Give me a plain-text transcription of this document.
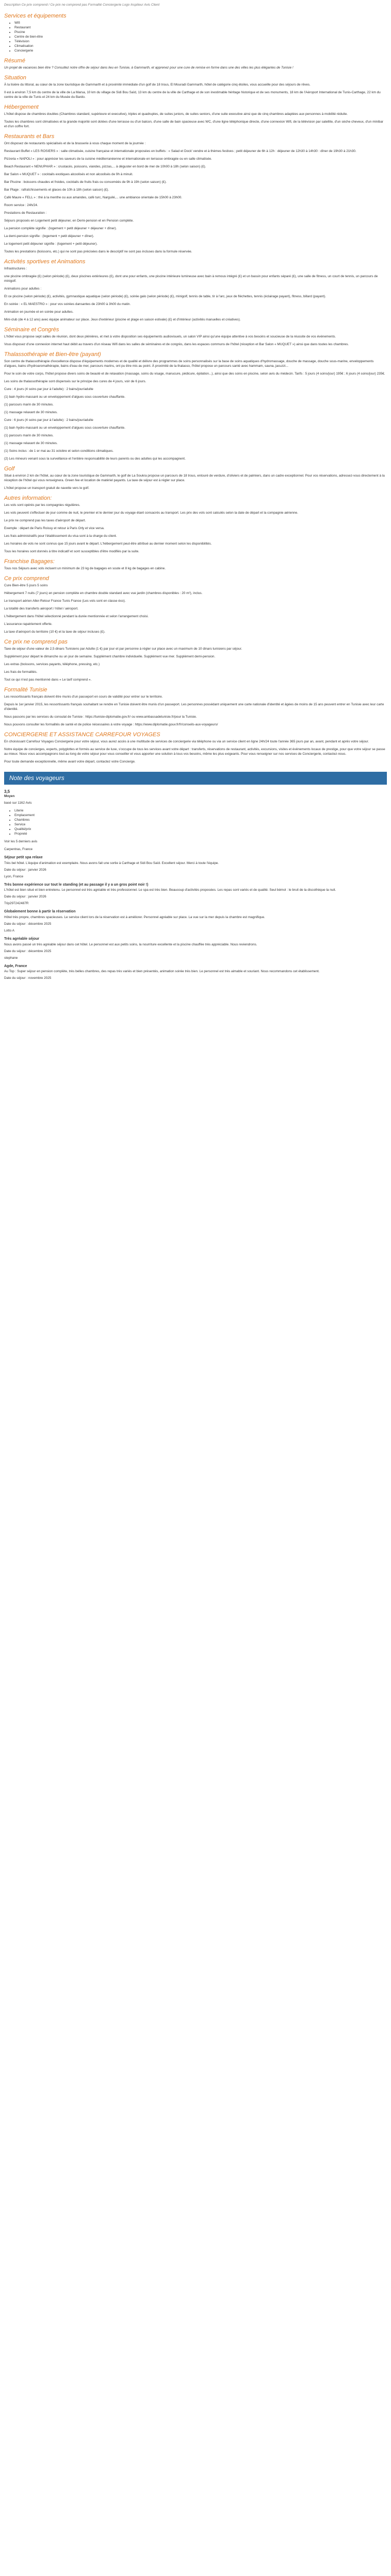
Description Ce prix comprend / Ce prix ne comprend pas Formalité Conciergerie Logo Inspiteur Avis Client

Services et équipements
• Wifi
• Restaurant
• Piscine
• Centre de bien-être
• Télévision
• Climatisation
• Conciergerie
Résumé

Un projet de vacances bien être ? Consultez notre offre de séjour dans lieu en Tunisie, à Gammarth, et apprenez pour une cure de remise en forme dans une des villes les plus élégantes de Tunisie !

Situation

À la lisière du littoral, au cœur de la zone touristique de Gammarth et à proximité immédiate d'un golf de 18 trous, El Mouradi Gammarth, hôtel de catégorie cinq étoiles, vous accueille pour des séjours de rêves.

Il est à environ 7,5 km du centre de la ville de La Marsa, 10 km du village de Sidi Bou Saïd, 13 km du centre de la ville de Carthage et de son inestimable héritage historique et de ses monuments, 18 km de l'Aéroport International de Tunis-Carthage, 22 km du centre de la ville de Tunis et 24 km du Musée du Bardo.

Hébergement

L'hôtel dispose de chambres doubles (Chambres standard, supérieure et executive), triples et quadruples, de suites juniors, de suites seniors, d'une suite executive ainsi que de cinq chambres adaptées aux personnes à mobilité réduite.

Toutes les chambres sont climatisées et la grande majorité sont dotées d'une terrasse ou d'un balcon, d'une salle de bain spacieuse avec WC, d'une ligne téléphonique directe, d'une connexion Wifi, de la télévision par satellite, d'un sèche cheveux, d'un minibar et d'un coffre fort.

Restaurants et Bars

Ont disposez de restaurants spécialisés et de la brasserie à vous chaque moment de la journée :

Restaurant Buffet « LES ROSIERS » : salle climatisée, cuisine française et internationale proposées en buffets : « Salad et Dock' vendre et à thèmes festives ; petit déjeuner de 6h à 12h : déjeuner de 12h30 à 14h30 : dîner de 19h30 à 21h30.

Pizzeria « NAPOLI » : pour apprécier les saveurs de la cuisine méditerranéenne et internationale en terrasse ombragée ou en salle climatisée.

Beach Restaurant « NENUPHAR » : crustacés, poissons, viandes, pizzas,... à déguster en bord de mer de 10h00 à 18h (selon saison) (£).

Bar Salon « MUQUET » : cocktails exotiques alcoolisés et non alcoolisés de 9h à minuit.

Bar Piscine : boissons chaudes et froides, cocktails de fruits frais ou consoméés de 9h à 19h (selon saison) (£).

Bar Plage : rafraîchissements et glaces de 10h à 18h (selon saison) (£).

Café Maure « FELL » : thé à la menthe ou aux amandes, café turc, Narguilé,... une ambiance orientale de 15h00 à 23h00.

Room service : 24h/24.

Prestations de Restauration :

Séjours proposés en Logement petit déjeuner, en Demi-pension et en Pension complète.

La pension complète signifie : (logement + petit déjeuner + déjeuner + dîner).

La demi-pension signifie : (logement + petit déjeuner + dîner).

Le logement petit déjeuner signifie : (logement + petit déjeuner).

Toutes les prestations (boissons, etc.) qui ne sont pas précisées dans le descriptif ne sont pas incluses dans la formule réservée.

Activités sportives et Animations

Infrastructures :

une piscine ombragée (£) (selon période) (£), deux piscines extérieures (£), dont une pour enfants, une piscine intérieure lumineuse avec bain à remous intégré (£) et un bassin pour enfants séparé (£), une salle de fitness, un court de tennis, un parcours de minigolf.

Animations pour adultes :

Et ce piscine (selon période) (£), activités, gymnastique aquatique (selon période) (£), soirée galo (selon période) (£), minigolf, tennis de table, tir à l'arc, jeux de fléchettes, tennis (éclairage payant), fitness, billard (payant).

En soirée : « EL MAESTRO » : pour vos soirées dansantes de 23h00 à 3h00 du matin.

Animation en journée et en soirée pour adultes.

Mini-club (de 4 à 12 ans) avec équipe animateur sur place. Jeux d'extérieur (piscine et plage en saison estivale) (£) et d'intérieur (activités manuelles et créatives).

Séminaire et Congrès

L'hôtel vous propose sept salles de réunion, dont deux plénières, et met à votre disposition ses équipements audiovisuels, un salon VIP ainsi qu'une équipe attentive à vos besoins et soucieuse de la réussite de vos événements.

Vous disposez d'une connexion internet haut débit au travers d'un réseau Wifi dans les salles de séminaires et de congrès, dans les espaces communs de l'hôtel (réception et Bar Salon « MUQUET ») ainsi que dans toutes les chambres.

Thalassothérapie et Bien-être (payant)

Son centre de thalassothérapie d'excellence dispose d'équipements modernes et de qualité et délivre des programmes de soins personnalisés sur la base de soins aquatiques d'hydromassage, douche de massage, douche sous-marine, enveloppements d'algues, bains d'hydroaromathérapie, bains d'eau de mer, parcours marins, ont pu être mis au point. À proximité de la thalasso, l'hôtel propose un parcours santé avec hammam, sauna, jacuzzi...

Pour le soin de votre corps, l'hôtel propose divers soins de beauté et de relaxation (massage, soins du visage, manucure, pédicure, épilation...), ainsi que des soins en piscine, selon avis du médecin. Tarifs : 5 jours (4 soins/jour) 195€ ; 6 jours (4 soins/jour) 235€.

Les soins de thalassothérapie sont dispensés sur le principe des cures de 4 jours, voir de 6 jours.

Cure : 4 jours (4 soins par jour à l'adulte) : 2 bains/jour/adulte

(1) bain hydro-massant ou un enveloppement d'algues sous couverture chauffante.

(1) parcours marin de 30 minutes.

(1) massage relaxant de 30 minutes.

Cure : 6 jours (4 soins par jour à l'adulte) : 2 bains/jour/adulte

(1) bain hydro-massant ou un enveloppement d'algues sous couverture chauffante.

(1) parcours marin de 30 minutes.

(1) massage relaxant de 30 minutes.

(1) Soins inclus : de 1 er mai au 31 octobre et selon conditions climatiques.

(2) Les mineurs venant sous la surveillance et l'entière responsabilité de leurs parents ou des adultes qui les accompagnent.

Golf

Situé à environ 2 km de l'hôtel, au cœur de la zone touristique de Gammarth, le golf de La Soukra propose un parcours de 18 trous, entouré de verdure, d'oliviers et de palmiers, dans un cadre exceptionnel. Pour vos réservations, adressez-vous directement à la réception de l'hôtel qui vous renseignera. Green fee et location de matériel payants. La taxe de séjour est à régler sur place.

L'hôtel propose un transport gratuit de navette vers le golf.

Autres information:

Les vols sont opérés par les compagnies régulières.

Les vols peuvent s'effectuer de jour comme de nuit, le premier et le dernier jour du voyage étant consacrés au transport. Les prix des vols sont calculés selon la date de départ et la compagnie aérienne.

Le prix ne comprend pas les taxes d'aéroport de départ.

Exemple : départ de Paris Roissy et retour à Paris Orly et vice versa.

Les frais administratifs pour l'établissement du visa sont à la charge du client.

Les horaires de vols ne sont connus que 15 jours avant le départ. L'hébergement peut-être attribué au dernier moment selon les disponibilités.

Tous les horaires sont donnés à titre indicatif et sont susceptibles d'être modifiés par la suite.

Franchise Bagages:

Tous nos Séjours avec vols incluent un minimum de 23 kg de bagages en soute et 8 kg de bagages en cabine.

Ce prix comprend

Cure Bien-être 5 jours 5 soins

Hébergement 7 nuits (7 jours) en pension complète en chambre double standard avec vue jardin (chambres disponibles : 20 m²), inclus.

Le transport aérien Aller-Retour France Tunis France (Les vols sont en classe éco).

La totalité des transferts aéroport / hôtel / aéroport.

L'hébergement dans l'hôtel sélectionné pendant la durée mentionnée et selon l'arrangement choisi.

L'assurance rapatriement offerte.

La taxe d'aéroport du territoire (10 €) et la taxe de séjour incluses (£).

Ce prix ne comprend pas

Taxe de séjour d'une valeur de 2,5 dinars Tunisiens par Adulte (1 €) par jour et par personne à régler sur place avec un maximum de 10 dinars tunisiens par séjour.

Supplément pour départ le dimanche ou un jour de semaine. Supplément chambre individuelle. Supplément vue mer. Supplément demi-pension.

Les extras (boissons, services payants, téléphone, pressing, etc.)

Les frais de formalités.

Tout ce qui n'est pas mentionné dans « Le tarif comprend ».

Formalité Tunisie

Les ressortissants français doivent être munis d'un passeport en cours de validité pour entrer sur le territoire.

Depuis le 1er janvier 2015, les ressortissants français souhaitant se rendre en Tunisie doivent être munis d'un passeport. Les personnes possédant uniquement une carte nationale d'identité et âgées de moins de 15 ans peuvent entrer en Tunisie avec leur carte d'identité.

Nous passons par les services du consulat de Tunisie : https://tunisie-diplomatie.gov.fr/ ou www.ambassadetunisie.fr/pour la Tunisie.

Nous pouvons consulter les formalités de santé et de police nécessaires à votre voyage : https://www.diplomatie.gouv.fr/fr/conseils-aux-voyageurs/

CONCIERGERIE ET ASSISTANCE CARREFOUR VOYAGES

En choisissant Carrefour Voyages Conciergerie pour votre séjour, vous aurez accès à une multitude de services de conciergerie via téléphone ou via un service client en ligne 24h/24 toute l'année 365 jours par an, avant, pendant et après votre séjour.

Notre équipe de concierges, experts, polyglottes et formés au service de luxe, s'occupe de tous les services avant votre départ : transferts, réservations de restaurant, activités, excursions, visites et événements locaux de prestige, pour que votre séjour se passe au mieux. Nous vous accompagnons tout au long de votre séjour pour vous conseiller et vous apporter une solution à tous vos besoins, même les plus exigeants. Pour vous renseigner sur nos services de Conciergerie, contactez-nous.

Pour toute demande exceptionnelle, même avant votre départ, contactez votre Concierge.

Note des voyageurs

3,5

Moyen

basé sur 1162 Avis

• Literie
• Emplacement
• Chambres
• Service
• Qualité/prix
• Propreté

Voir les 5 derniers avis

Carpentras, France

Séjour petit spa relaxe

Très bel hôtel. L'équipe d'animation est exemplaire. Nous avons fait une sortie à Carthage et Sidi Bou Saïd. Excellent séjour. Merci à toute l'équipe.

Date du séjour : janvier 2026

Lyon, France

Très bonne expérience sur tout le standing (et au passage il y a un gros point noir !)

L'hôtel est bien situé et bien entretenu. Le personnel est très agréable et très professionnel. Le spa est très bien. Beaucoup d'activités proposées. Les repas sont variés et de qualité. Seul bémol : le bruit de la discothèque la nuit.

Date du séjour : janvier 2026

Trip297242487R

Globalement bonne à partir la réservation

Hôtel très propre, chambres spacieuses. Le service client lors de la réservation est à améliorer. Personnel agréable sur place. La vue sur la mer depuis la chambre est magnifique.

Date du séjour : décembre 2025

Lotto A

Très agréable séjour

Nous avons passé un très agréable séjour dans cet hôtel. Le personnel est aux petits soins, la nourriture excellente et la piscine chauffée très appréciable. Nous reviendrons.

Date du séjour : décembre 2025

stephane

Agde, France

Au Top : Super séjour en pension complète, très belles chambres, des repas très variés et bien présentés, animation soirée très bien. Le personnel est très aimable et souriant. Nous recommandons cet établissement.

Date du séjour : novembre 2025
